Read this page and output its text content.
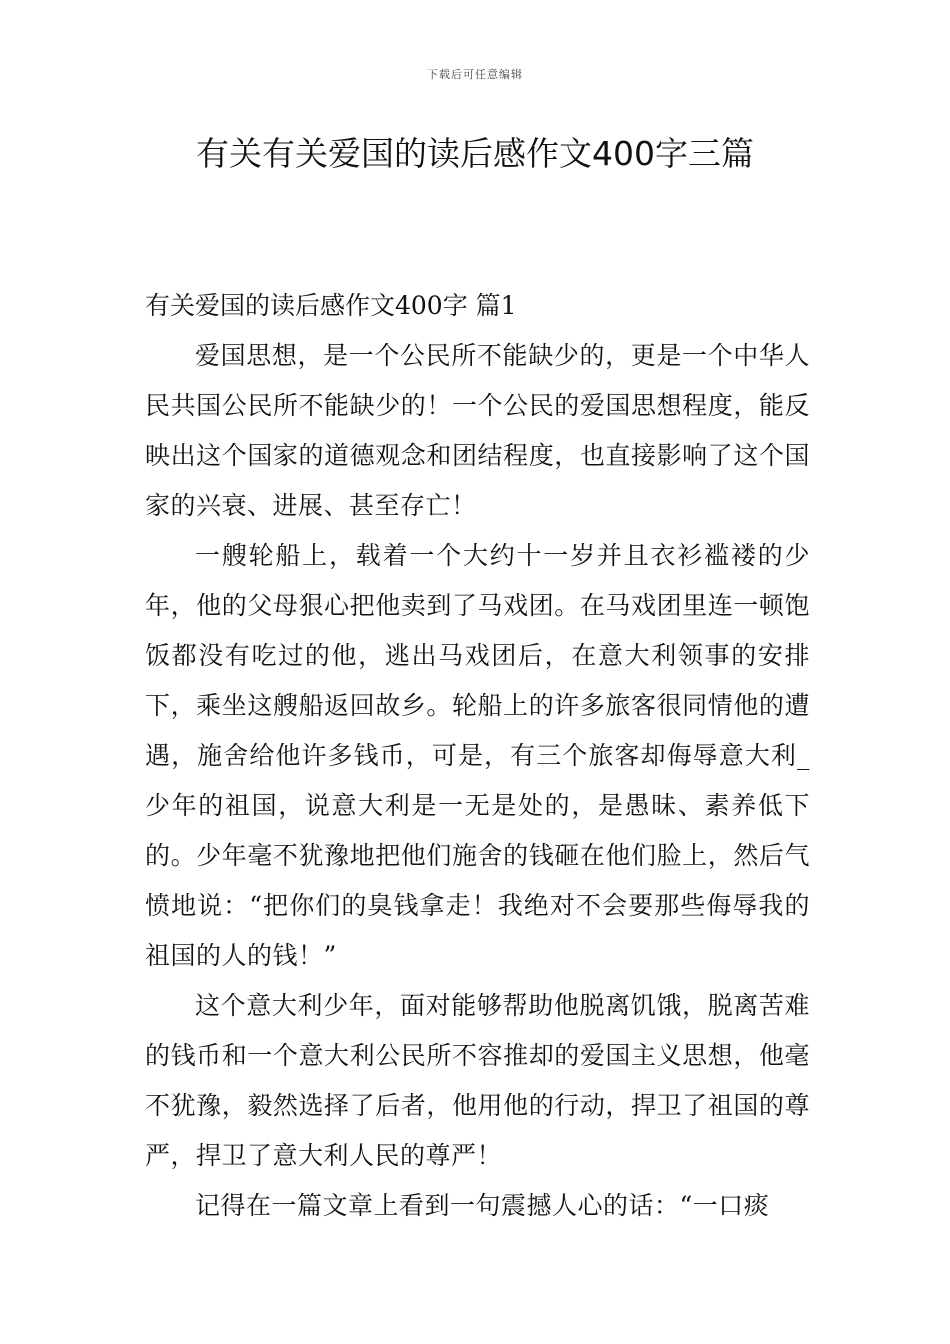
下载后可任意编辑
有关有关爱国的读后感作文400字三篇
有关爱国的读后感作文400字 篇1

爱国思想，是一个公民所不能缺少的，更是一个中华人民共国公民所不能缺少的！一个公民的爱国思想程度，能反映出这个国家的道德观念和团结程度，也直接影响了这个国家的兴衰、进展、甚至存亡！

一艘轮船上，载着一个大约十一岁并且衣衫褴褛的少年，他的父母狠心把他卖到了马戏团。在马戏团里连一顿饱饭都没有吃过的他，逃出马戏团后，在意大利领事的安排下，乘坐这艘船返回故乡。轮船上的许多旅客很同情他的遭遇，施舍给他许多钱币，可是，有三个旅客却侮辱意大利_少年的祖国，说意大利是一无是处的，是愚昧、素养低下的。少年毫不犹豫地把他们施舍的钱砸在他们脸上，然后气愤地说：“把你们的臭钱拿走！我绝对不会要那些侮辱我的祖国的人的钱！”

这个意大利少年，面对能够帮助他脱离饥饿，脱离苦难的钱币和一个意大利公民所不容推却的爱国主义思想，他毫不犹豫，毅然选择了后者，他用他的行动，捍卫了祖国的尊严，捍卫了意大利人民的尊严！

记得在一篇文章上看到一句震撼人心的话：“一口痰
